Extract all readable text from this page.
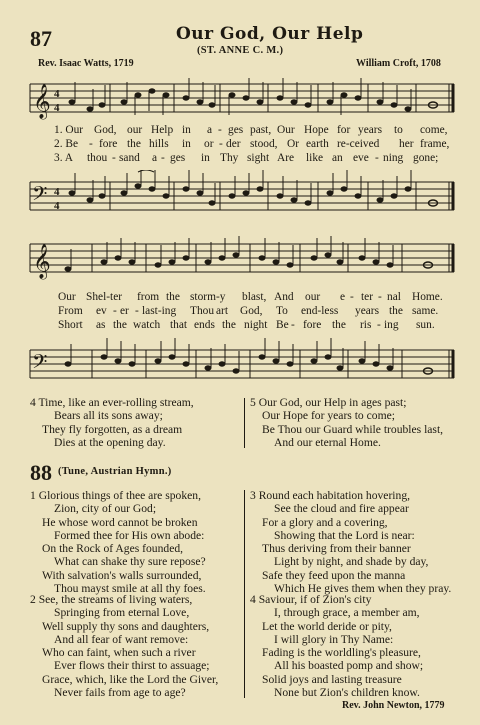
87	Our God, Our Help
(ST. ANNE C. M.)
Rev. Isaac Watts, 1719	William Croft, 1708
𝄞 4
4
1. Our God, our Help in a - ges past, Our Hope for years to come,
2. Be - fore the hills in or - der stood, Or earth re-ceived her frame,
3. A thou - sand a - ges in Thy sight Are like an eve - ning gone;
𝄢 4
4
𝄞
Our Shel-ter from the storm-y blast, And our e - ter - nal Home.
From ev - er - last-ing Thou art God, To end-less years the same.
Short as the watch that ends the night Be - fore the ris - ing sun.
𝄢
4 Time, like an ever-rolling stream,
Bears all its sons away;
They fly forgotten, as a dream
Dies at the opening day.
5 Our God, our Help in ages past;
Our Hope for years to come;
Be Thou our Guard while troubles last,
And our eternal Home.
88 (Tune, Austrian Hymn.)
1 Glorious things of thee are spoken,
Zion, city of our God;
He whose word cannot be broken
Formed thee for His own abode:
On the Rock of Ages founded,
What can shake thy sure repose?
With salvation's walls surrounded,
Thou mayst smile at all thy foes.
2 See, the streams of living waters,
Springing from eternal Love,
Well supply thy sons and daughters,
And all fear of want remove:
Who can faint, when such a river
Ever flows their thirst to assuage;
Grace, which, like the Lord the Giver,
Never fails from age to age?
3 Round each habitation hovering,
See the cloud and fire appear
For a glory and a covering,
Showing that the Lord is near:
Thus deriving from their banner
Light by night, and shade by day,
Safe they feed upon the manna
Which He gives them when they pray.
4 Saviour, if of Zion's city
I, through grace, a member am,
Let the world deride or pity,
I will glory in Thy Name:
Fading is the worldling's pleasure,
All his boasted pomp and show;
Solid joys and lasting treasure
None but Zion's children know.
Rev. John Newton, 1779
